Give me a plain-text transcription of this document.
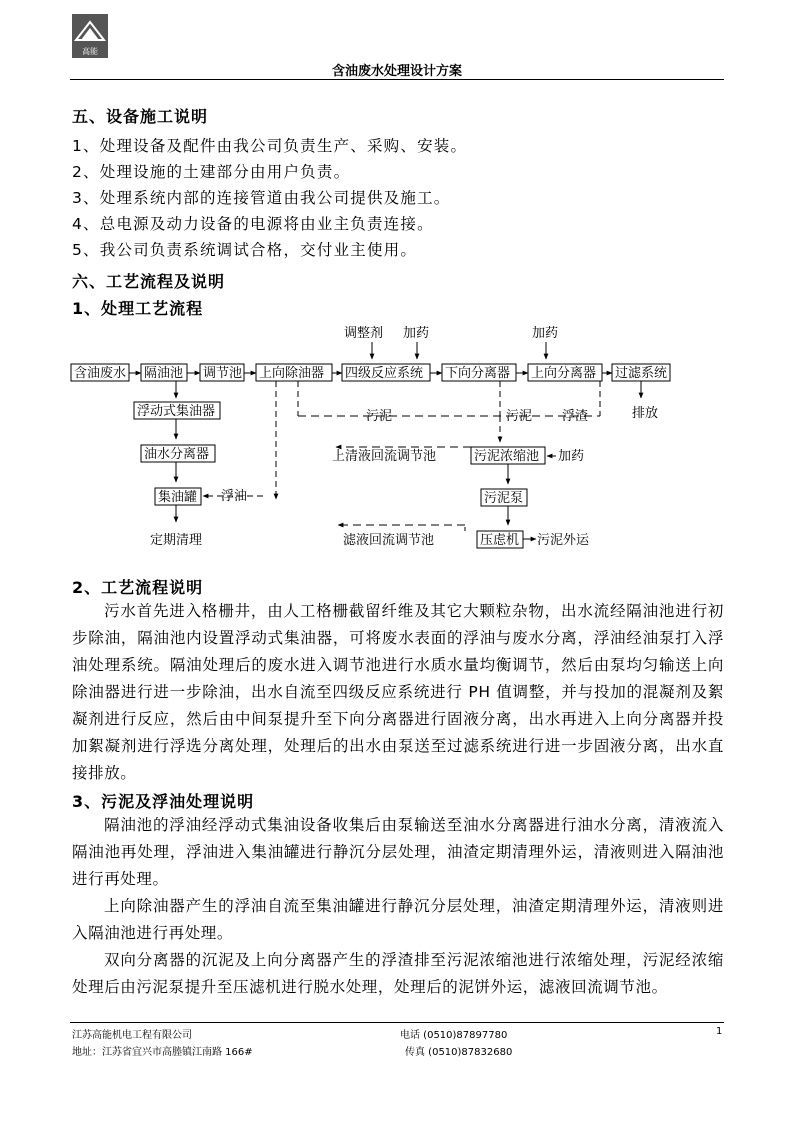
高能
含油废水处理设计方案
五、设备施工说明
1、处理设备及配件由我公司负责生产、采购、安装。
2、处理设施的土建部分由用户负责。
3、处理系统内部的连接管道由我公司提供及施工。
4、总电源及动力设备的电源将由业主负责连接。
5、我公司负责系统调试合格，交付业主使用。
六、工艺流程及说明
1、处理工艺流程
调整剂 加药	加药
含油废水 隔油池 调节池 上向除油器 四级反应系统 下向分离器 上向分离器 过滤系统
排放
浮动式集油器
油水分离器
集油罐
定期清理
浮油
污泥	污泥 浮渣
污泥浓缩池
上清液回流调节池	加药
污泥泵
压虑机 污泥外运
滤液回流调节池
2、工艺流程说明
污水首先进入格栅井，由人工格栅截留纤维及其它大颗粒杂物，出水流经隔油池进行初步除油，隔油池内设置浮动式集油器，可将废水表面的浮油与废水分离，浮油经油泵打入浮油处理系统。隔油处理后的废水进入调节池进行水质水量均衡调节，然后由泵均匀输送上向除油器进行进一步除油，出水自流至四级反应系统进行 PH 值调整，并与投加的混凝剂及絮凝剂进行反应，然后由中间泵提升至下向分离器进行固液分离，出水再进入上向分离器并投加絮凝剂进行浮选分离处理，处理后的出水由泵送至过滤系统进行进一步固液分离，出水直接排放。
3、污泥及浮油处理说明
隔油池的浮油经浮动式集油设备收集后由泵输送至油水分离器进行油水分离，清液流入隔油池再处理，浮油进入集油罐进行静沉分层处理，油渣定期清理外运，清液则进入隔油池进行再处理。
上向除油器产生的浮油自流至集油罐进行静沉分层处理，油渣定期清理外运，清液则进入隔油池进行再处理。
双向分离器的沉泥及上向分离器产生的浮渣排至污泥浓缩池进行浓缩处理，污泥经浓缩处理后由污泥泵提升至压滤机进行脱水处理，处理后的泥饼外运，滤液回流调节池。
江苏高能机电工程有限公司
地址：江苏省宜兴市高塍镇江南路 166#
电话 (0510)87897780
传真 (0510)87832680
1
